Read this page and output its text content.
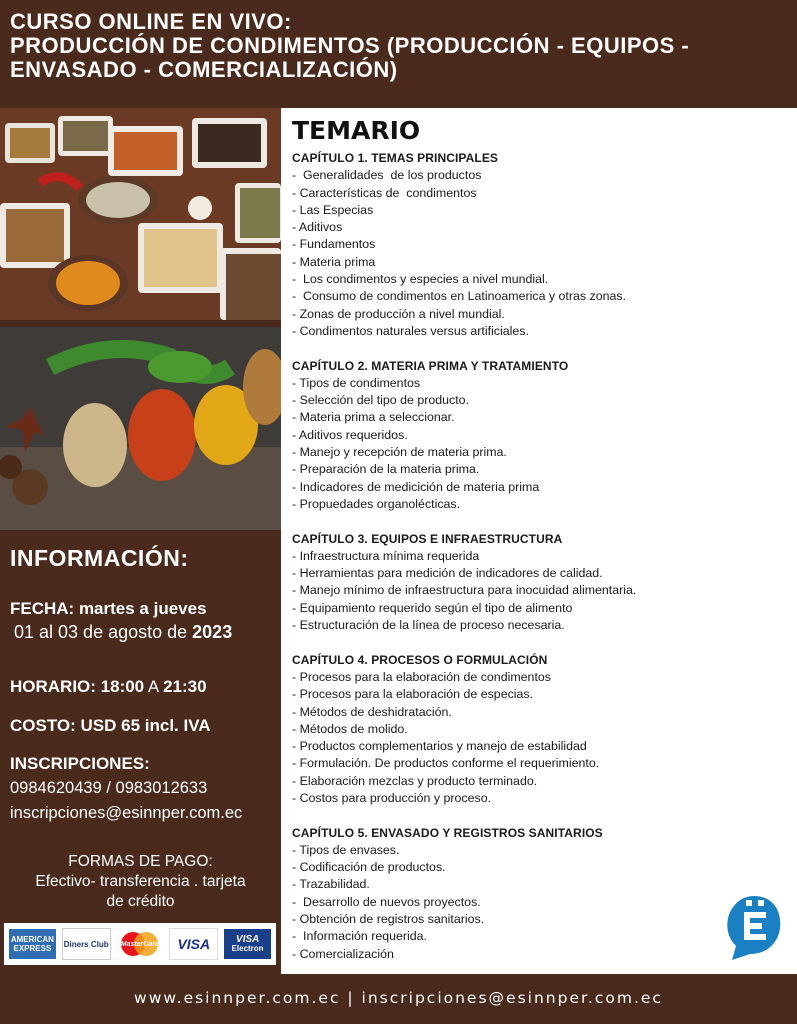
CURSO ONLINE EN VIVO:
PRODUCCIÓN DE CONDIMENTOS (PRODUCCIÓN - EQUIPOS -
ENVASADO - COMERCIALIZACIÓN)
TEMARIO
CAPÍTULO 1. TEMAS PRINCIPALES
-  Generalidades  de los productos
- Características de  condimentos
- Las Especias
- Aditivos
- Fundamentos
- Materia prima
-  Los condimentos y especies a nivel mundial.
-  Consumo de condimentos en Latinoamerica y otras zonas.
- Zonas de producción a nivel mundial.
- Condimentos naturales versus artificiales.
CAPÍTULO 2. MATERIA PRIMA Y TRATAMIENTO
- Tipos de condimentos
- Selección del tipo de producto.
- Materia prima a seleccionar.
- Aditivos requeridos.
- Manejo y recepción de materia prima.
- Preparación de la materia prima.
- Indicadores de medicición de materia prima
- Propuedades organolécticas.
CAPÍTULO 3. EQUIPOS E INFRAESTRUCTURA
- Infraestructura mínima requerida
- Herramientas para medición de indicadores de calidad.
- Manejo mínimo de infraestructura para inocuidad alimentaria.
- Equipamiento requerido según el tipo de alimento
- Estructuración de la línea de proceso necesaria.
CAPÍTULO 4. PROCESOS O FORMULACIÓN
- Procesos para la elaboración de condimentos
- Procesos para la elaboración de especias.
- Métodos de deshidratación.
- Métodos de molido.
- Productos complementarios y manejo de estabilidad
- Formulación. De productos conforme el requerimiento.
- Elaboración mezclas y producto terminado.
- Costos para producción y proceso.
CAPÍTULO 5. ENVASADO Y REGISTROS SANITARIOS
- Tipos de envases.
- Codificación de productos.
- Trazabilidad.
-  Desarrollo de nuevos proyectos.
- Obtención de registros sanitarios.
-  Información requerida.
- Comercialización
INFORMACIÓN:
FECHA: martes a jueves
01 al 03 de agosto de 2023
HORARIO: 18:00 A 21:30
COSTO: USD 65 incl. IVA
INSCRIPCIONES:
0984620439 / 0983012633
inscripciones@esinnper.com.ec
FORMAS DE PAGO:
Efectivo- transferencia . tarjeta
de crédito
AMERICAN EXPRESS	Diners Club MasterCard	VISA	VISA
Electron
www.esinnper.com.ec | inscripciones@esinnper.com.ec
